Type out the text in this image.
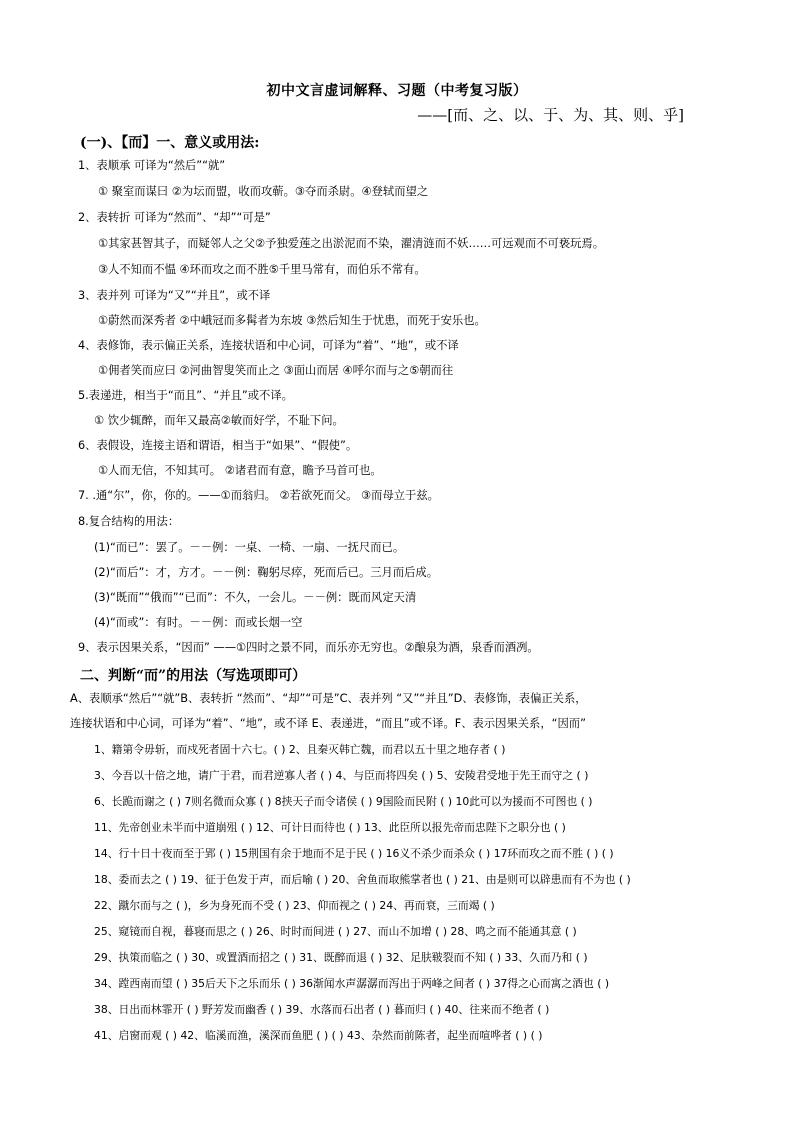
初中文言虚词解释、习题（中考复习版）
——[而、之、以、于、为、其、则、乎]
(一)、【而】一、意义或用法:
1、表顺承 可译为“然后”“就”
① 聚室而谋曰 ②为坛而盟，收而攻蕲。③夺而杀尉。④登轼而望之
2、表转折 可译为“然而”、“却”“可是”
①其家甚智其子，而疑邻人之父②予独爱莲之出淤泥而不染，濯清涟而不妖……可远观而不可亵玩焉。
③人不知而不愠 ④环而攻之而不胜⑤千里马常有，而伯乐不常有。
3、表并列 可译为“又”“并且”，或不译
①蔚然而深秀者 ②中峨冠而多髯者为东坡 ③然后知生于忧患，而死于安乐也。
4、表修饰，表示偏正关系，连接状语和中心词，可译为“着”、“地”，或不译
①佣者笑而应曰 ②河曲智叟笑而止之 ③面山而居 ④呼尔而与之⑤朝而往
5.表递进，相当于“而且”、“并且”或不译。
① 饮少辄醉，而年又最高②敏而好学，不耻下问。
6、表假设，连接主语和谓语，相当于“如果”、“假使”。
①人而无信，不知其可。 ②诸君而有意，瞻予马首可也。
7. .通“尔”，你，你的。——①而翁归。 ②若欲死而父。 ③而母立于兹。
8.复合结构的用法：
(1)“而已”：罢了。－－例：一桌、一椅、一扇、一抚尺而已。
(2)“而后”：才，方才。－－例：鞠躬尽瘁，死而后已。三月而后成。
(3)“既而”“俄而”“已而”：不久，一会儿。－－例：既而风定天清
(4)“而或”：有时。－－例：而或长烟一空
9、表示因果关系，“因而” ——①四时之景不同，而乐亦无穷也。②酿泉为酒，泉香而酒冽。
二、判断“而”的用法（写选项即可）
A、表顺承“然后”“就”B、表转折 “然而”、“却”“可是”C、表并列 “又”“并且”D、表修饰，表偏正关系，
连接状语和中心词，可译为“着”、“地”，或不译 E、表递进，“而且”或不译。F、表示因果关系，“因而”
1、籍第令毋斩，而戍死者固十六七。( ) 2、且秦灭韩亡魏，而君以五十里之地存者 ( )
3、今吾以十倍之地，请广于君，而君逆寡人者 ( ) 4、与臣而将四矣 ( ) 5、安陵君受地于先王而守之 ( )
6、长跪而谢之 ( ) 7则名微而众寡 ( ) 8挟天子而令诸侯 ( ) 9国险而民附 ( ) 10此可以为援而不可图也 ( )
11、先帝创业未半而中道崩殂 ( ) 12、可计日而待也 ( ) 13、此臣所以报先帝而忠陛下之职分也 ( )
14、行十日十夜而至于郢 ( ) 15荆国有余于地而不足于民 ( ) 16义不杀少而杀众 ( ) 17环而攻之而不胜 ( ) ( )
18、委而去之 ( ) 19、征于色发于声，而后喻 ( ) 20、舍鱼而取熊掌者也 ( ) 21、由是则可以辟患而有不为也 ( )
22、蹴尔而与之 ( )，乡为身死而不受 ( ) 23、仰而视之 ( ) 24、再而衰，三而竭 ( )
25、窥镜而自视，暮寝而思之 ( ) 26、时时而间进 ( ) 27、而山不加增 ( ) 28、鸣之而不能通其意 ( )
29、执策而临之 ( ) 30、或置酒而招之 ( ) 31、既醉而退 ( ) 32、足肤皲裂而不知 ( ) 33、久而乃和 ( )
34、蹚西南而望 ( ) 35后天下之乐而乐 ( ) 36渐闻水声潺潺而泻出于两峰之间者 ( ) 37得之心而寓之酒也 ( )
38、日出而林霏开 ( ) 野芳发而幽香 ( ) 39、水落而石出者 ( ) 暮而归 ( ) 40、往来而不绝者 ( )
41、启窗而观 ( ) 42、临溪而渔，溪深而鱼肥 ( ) ( ) 43、杂然而前陈者，起坐而喧哗者 ( ) ( )
